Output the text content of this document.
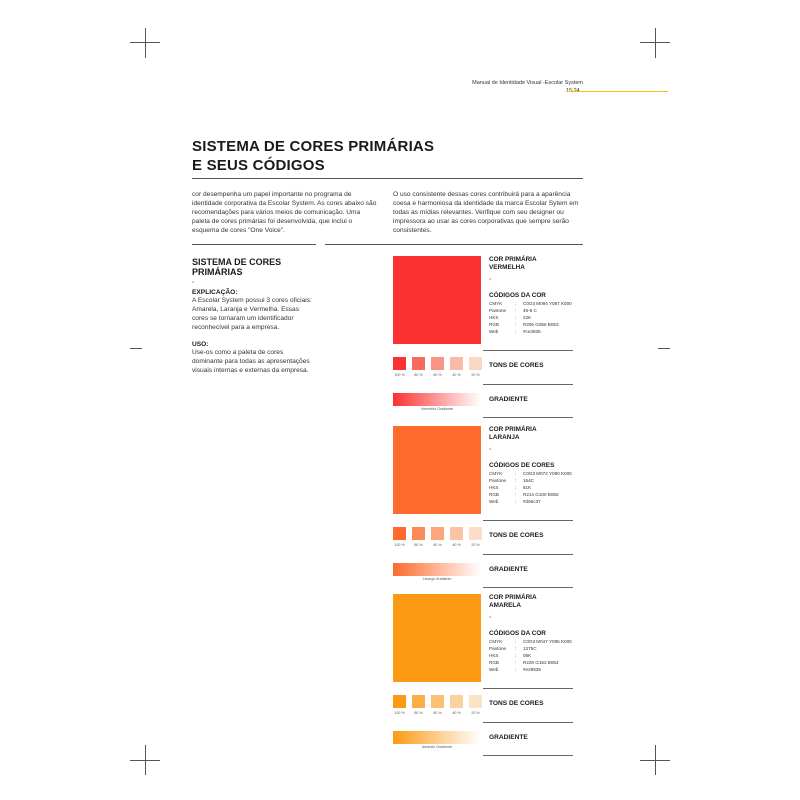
Manual de Identidade Visual -Escolar System
SISTEMA DE CORES PRIMÁRIAS
E SEUS CÓDIGOS
cor desempenha um papel importante no programa de identidade corporativa da Escolar System. As cores abaixo são recomendações para vários meios de comunicação. Uma paleta de cores primárias foi desenvolvida, que inclui o esquema de cores "One Voice".
O uso consistente dessas cores contribuirá para a aparência coesa e harmoniosa da identidade da marca Escolar Sytem em todas as mídias relevantes. Verifique com seu designer ou impressora ao usar as cores corporativas que sempre serão consistentes.
SISTEMA DE CORES
PRIMÁRIAS
-
EXPLICAÇÃO:
A Escolar System possui 3 cores oficiais: Amarela, Laranja e Vermelha. Essas cores se tornaram um identificador reconhecível para a empresa.
USO:
Use-os como a paleta de cores dominante para todas as apresentações visuais internas e externas da empresa.
COR PRIMÁRIA
VERMELHA
-
CÓDIGOS DA COR
CMYK	: C0O3 M094 Y087 K000
Pantone : 48-8 C
HKS	: 22K
RGB	: R206 G056 B053
Web	: #ce3835
100 %	80 %	60 %	40 %	20 %
TONS DE CORES
Vermelho Gradiente
GRADIENTE
COR PRIMÁRIA
LARANJA
-
CÓDIGOS DE CORES
CMYK	: C0O3 M072 Y090 K000
Pantone : 164C
HKS	: 81K
RGB	: R214 G100 B055
Web	: #d66c37
100 %	80 %	60 %	40 %	20 %
TONS DE CORES
Laranja Gradiente
GRADIENTE
COR PRIMÁRIA
AMARELA
-
CÓDIGOS DA COR
CMYK	: C0O3 M047 Y095 K000
Pantone : 1375C
HKS	: 06K
RGB	: R228 G152 B054
Web	: #e29836
100 %	80 %	60 %	40 %	20 %
TONS DE CORES
Amarelo Gradiente
GRADIENTE
